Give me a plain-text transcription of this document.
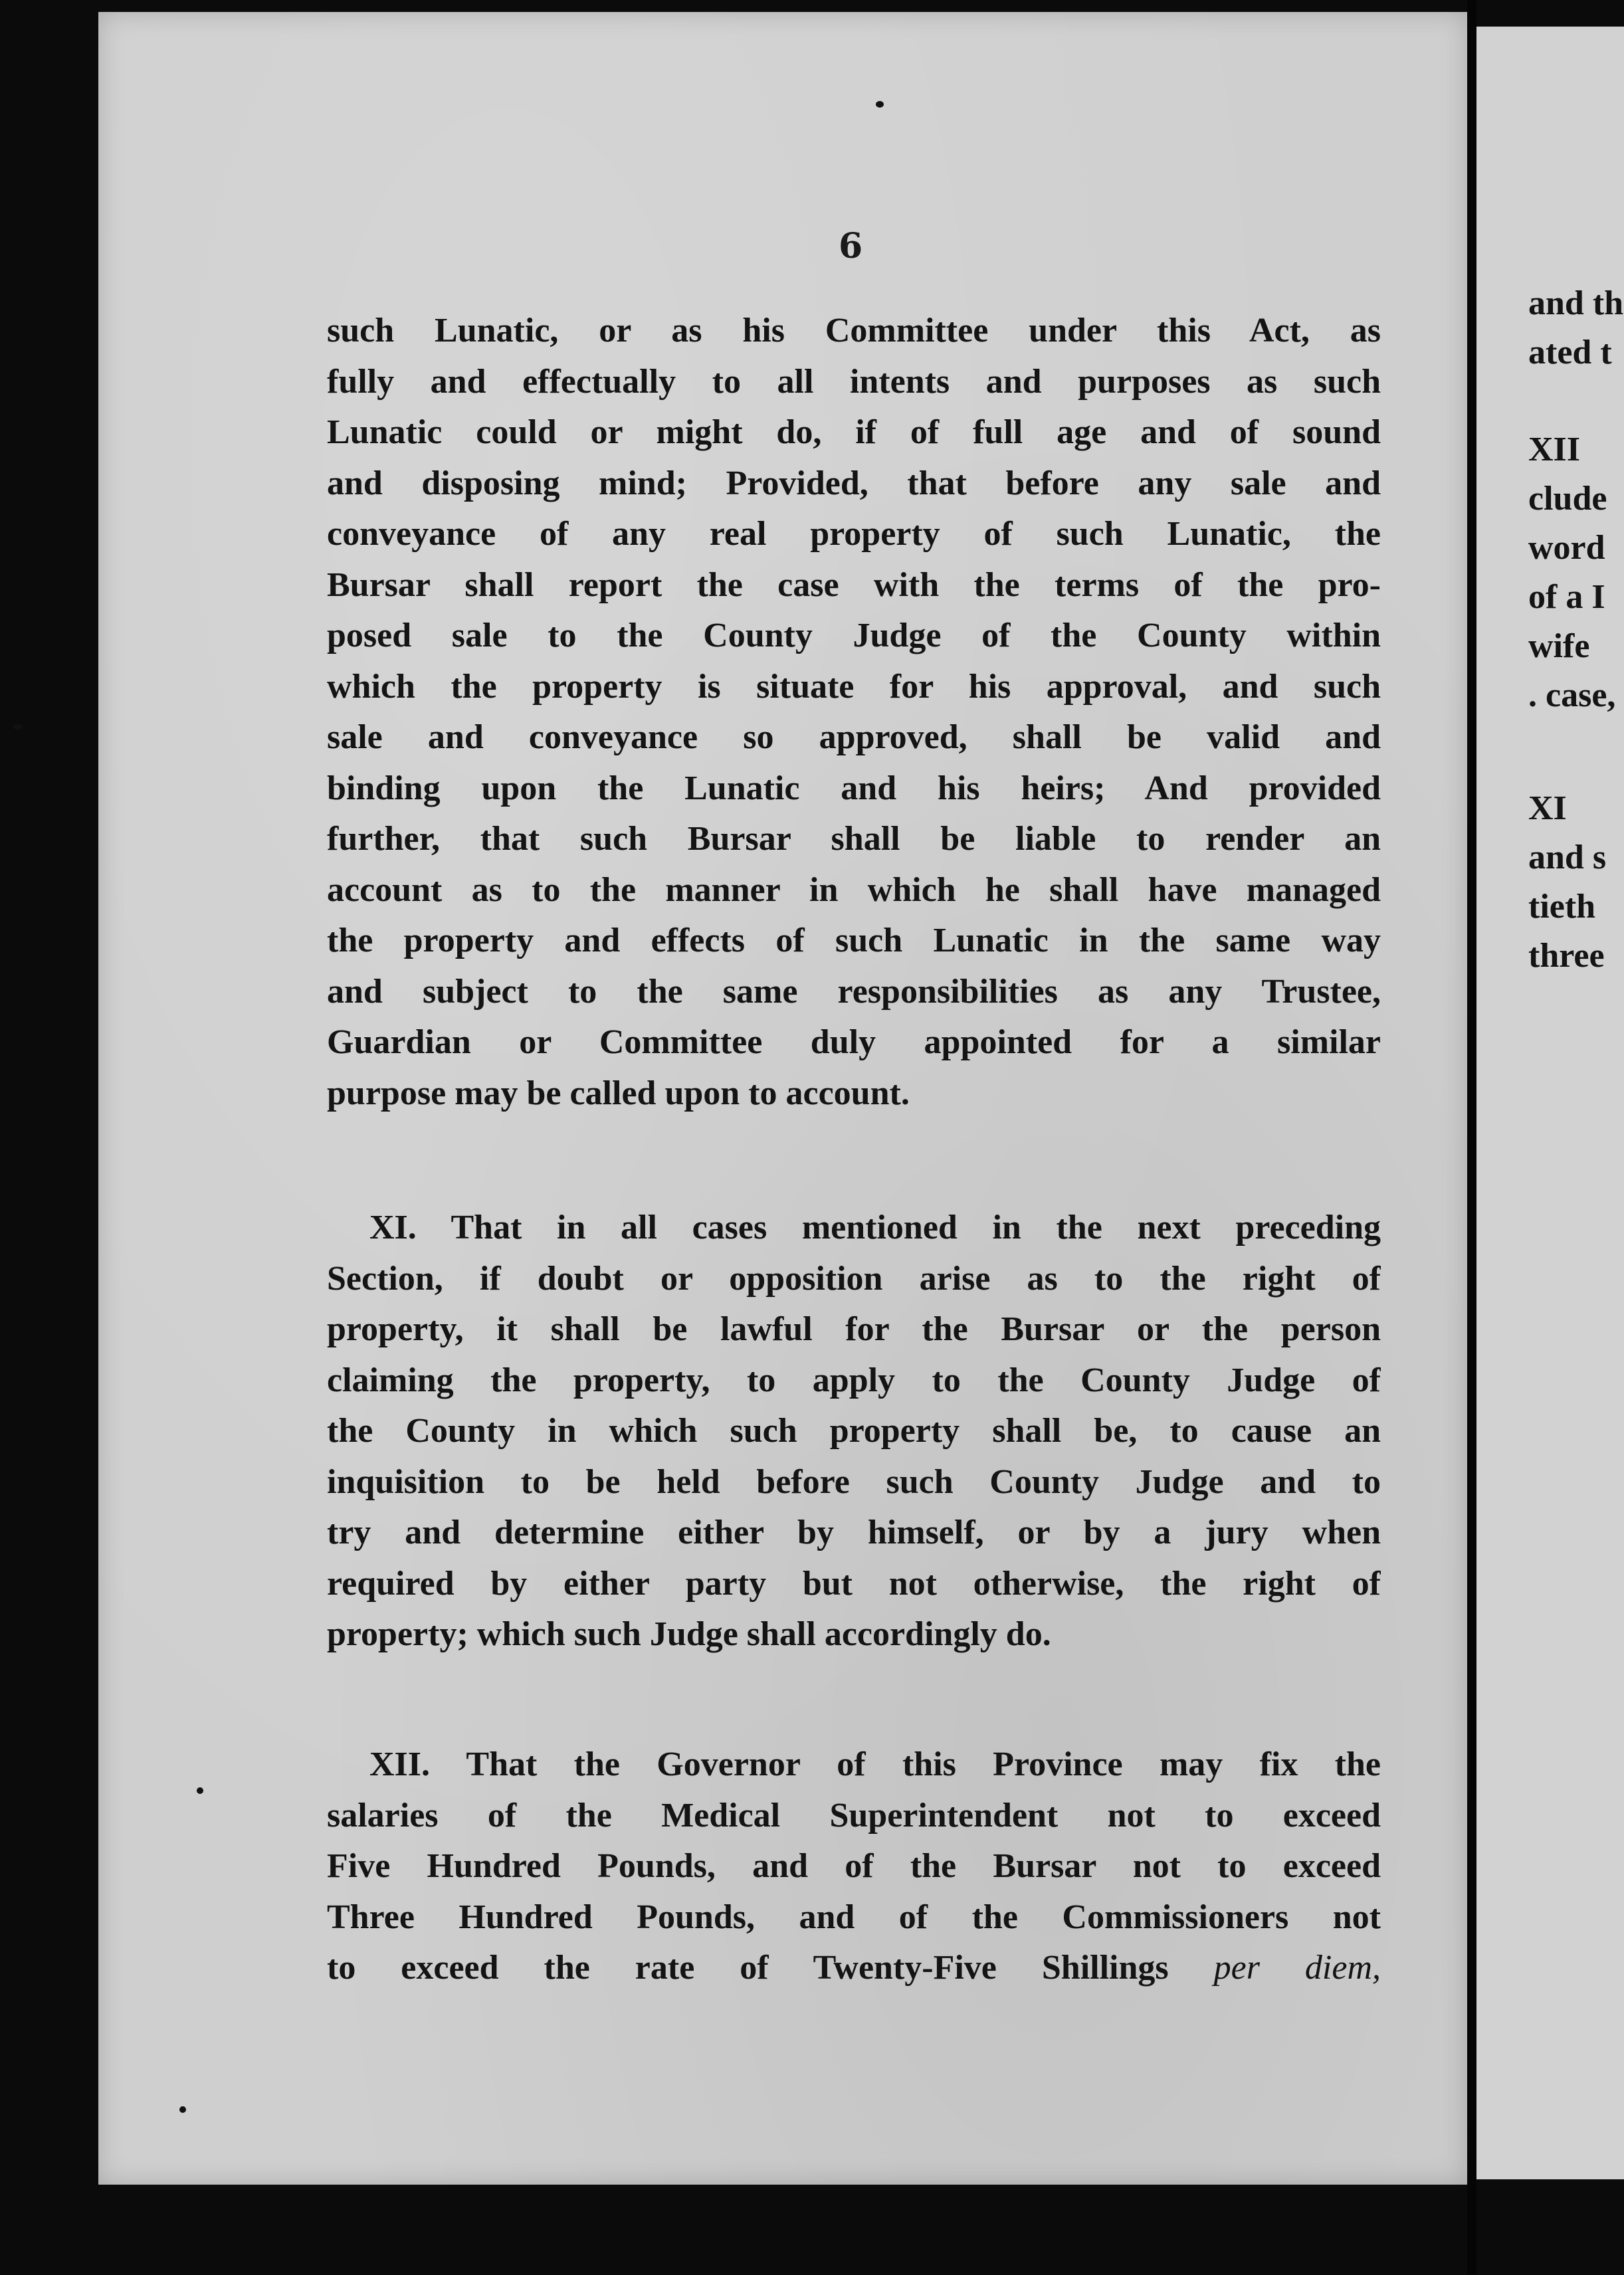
6
such Lunatic, or as his Committee under this Act, as
fully and effectually to all intents and purposes as such
Lunatic could or might do, if of full age and of sound
and disposing mind; Provided, that before any sale and
conveyance of any real property of such Lunatic, the
Bursar shall report the case with the terms of the pro-
posed sale to the County Judge of the County within
which the property is situate for his approval, and such
sale and conveyance so approved, shall be valid and
binding upon the Lunatic and his heirs; And provided
further, that such Bursar shall be liable to render an
account as to the manner in which he shall have managed
the property and effects of such Lunatic in the same way
and subject to the same responsibilities as any Trustee,
Guardian or Committee duly appointed for a similar
purpose may be called upon to account.
XI. That in all cases mentioned in the next preceding
Section, if doubt or opposition arise as to the right of
property, it shall be lawful for the Bursar or the person
claiming the property, to apply to the County Judge of
the County in which such property shall be, to cause an
inquisition to be held before such County Judge and to
try and determine either by himself, or by a jury when
required by either party but not otherwise, the right of
property; which such Judge shall accordingly do.
XII. That the Governor of this Province may fix the
salaries of the Medical Superintendent not to exceed
Five Hundred Pounds, and of the Bursar not to exceed
Three Hundred Pounds, and of the Commissioners not
to exceed the rate of Twenty-Five Shillings per diem,
and th
ated t
XII
clude
word
of a I
wife
. case,
XI
and s
tieth
three
